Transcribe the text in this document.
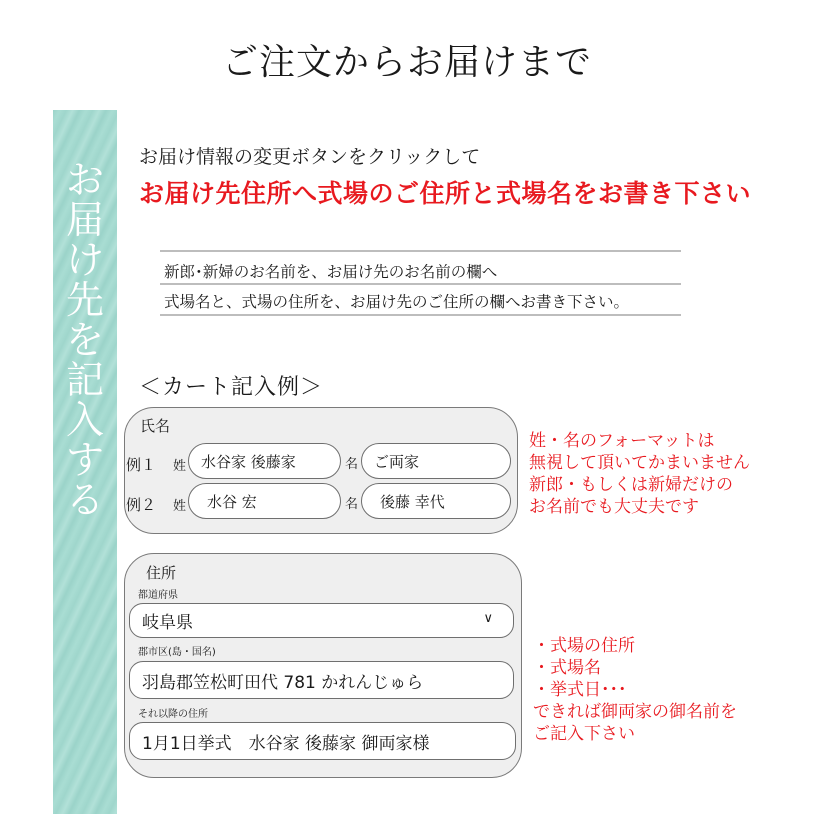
ご注文からお届けまで
お
届
け
先
を
記
入
す
る
お届け情報の変更ボタンをクリックして
お届け先住所へ式場のご住所と式場名をお書き下さい
新郎･新婦のお名前を、お届け先のお名前の欄へ
式場名と、式場の住所を、お届け先のご住所の欄へお書き下さい。
＜カート記入例＞
氏名
例１ 姓 水谷家 後藤家	名	ご両家
例２ 姓	水谷 宏	名	後藤 幸代
姓・名のフォーマットは
無視して頂いてかまいません
新郎・もしくは新婦だけの
お名前でも大丈夫です
住所
都道府県
岐阜県	∨
郡市区(島・国名)
羽島郡笠松町田代 781 かれんじゅら
それ以降の住所
1月1日挙式　水谷家 後藤家 御両家様
・式場の住所
・式場名
・挙式日･･･
できれば御両家の御名前を
ご記入下さい
